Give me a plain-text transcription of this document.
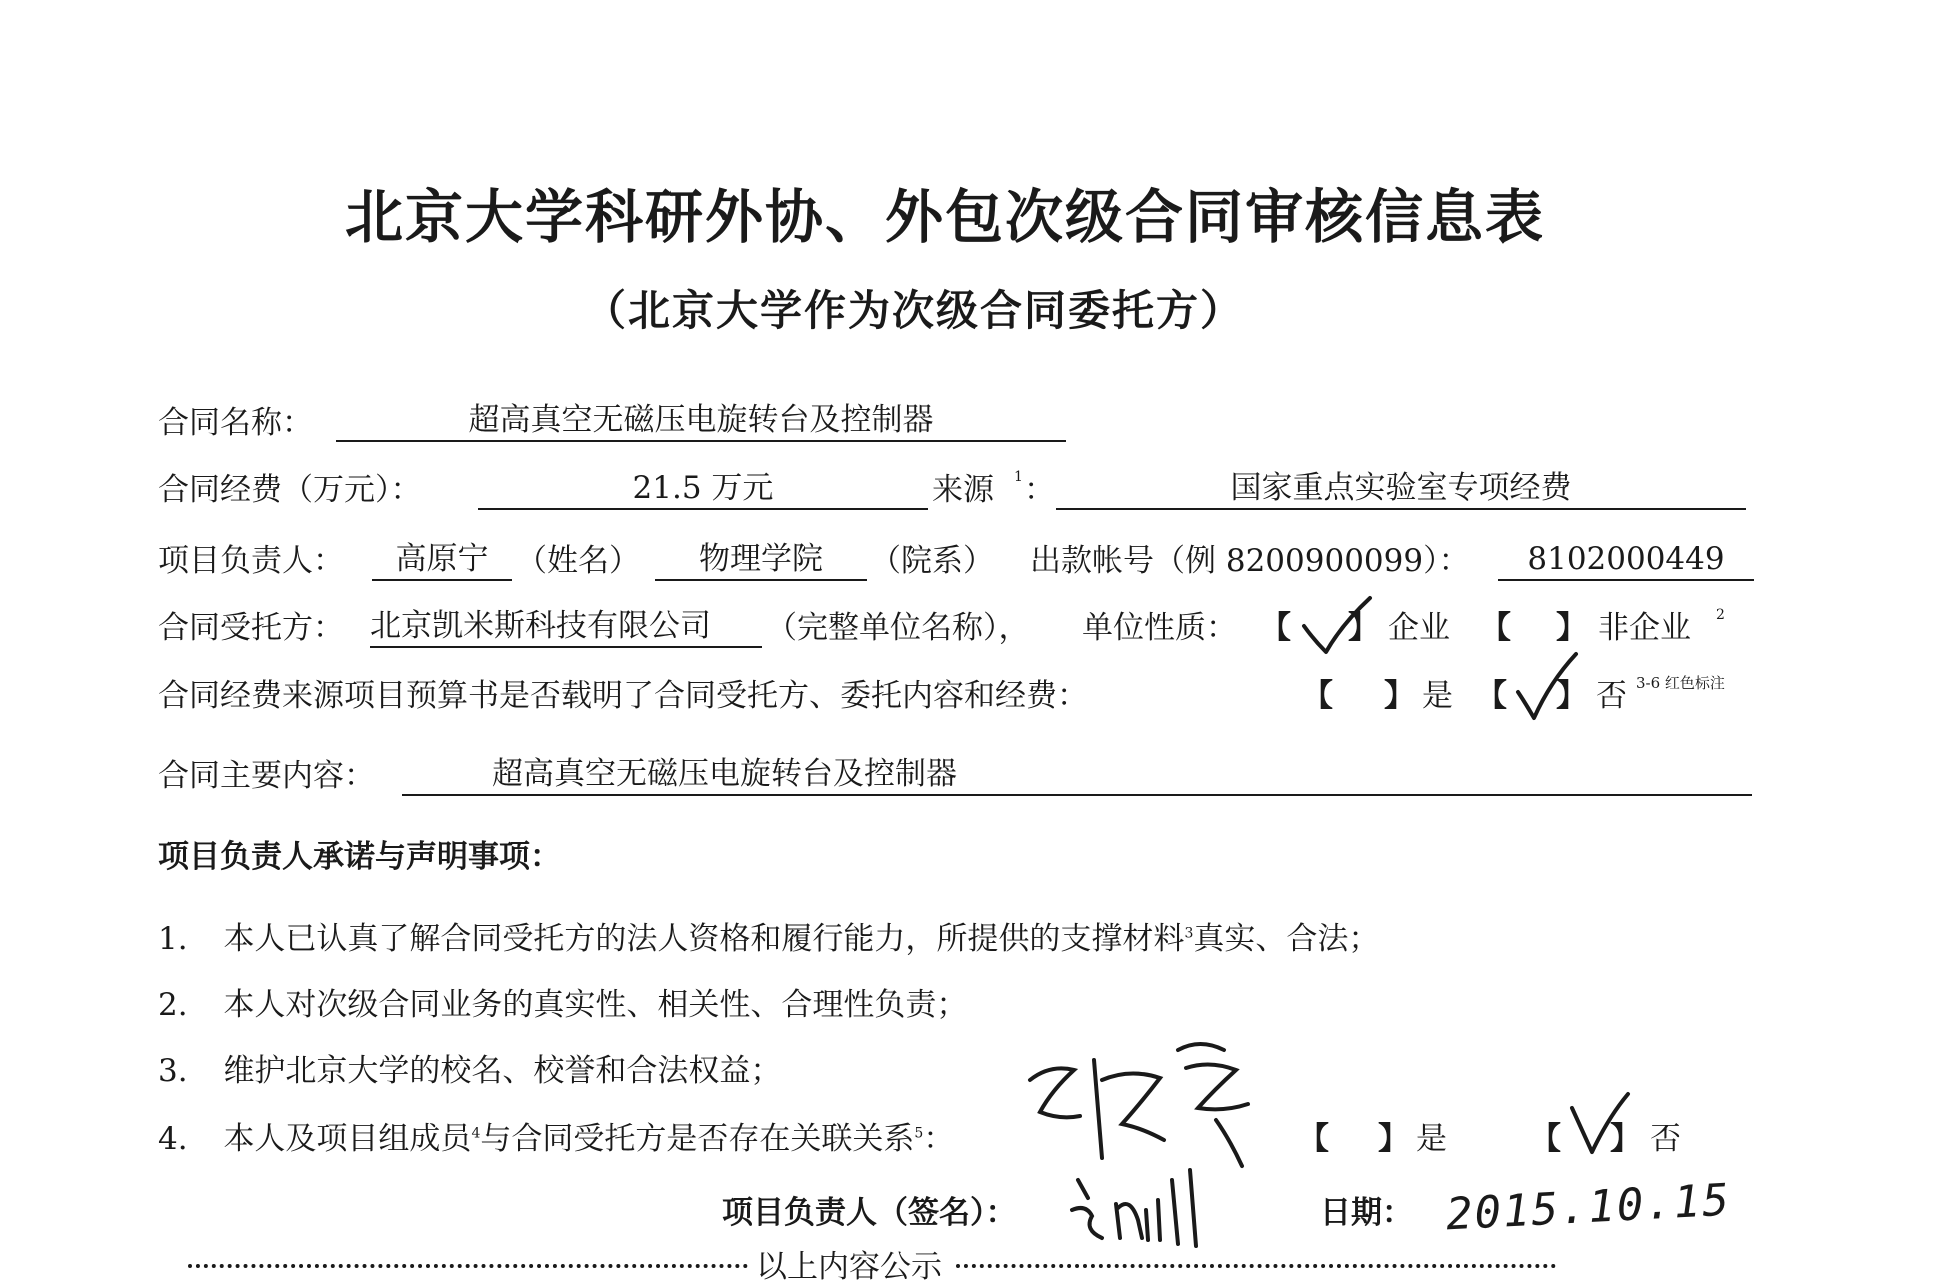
北京大学科研外协、外包次级合同审核信息表
（北京大学作为次级合同委托方）
合同名称：	超高真空无磁压电旋转台及控制器
合同经费（万元）：	21.5 万元	来源 1 ：	国家重点实验室专项经费
项目负责人：	高原宁 （姓名）	物理学院	（院系） 出款帐号（例 8200900099）：	8102000449
合同受托方： 北京凯米斯科技有限公司	（完整单位名称）， 单位性质： 【 】 企业 【 】 非企业 2
合同经费来源项目预算书是否载明了合同受托方、委托内容和经费：	【 】 是 【 】 否 3-6 红色标注
合同主要内容：	超高真空无磁压电旋转台及控制器
项目负责人承诺与声明事项：
1. 本人已认真了解合同受托方的法人资格和履行能力，所提供的支撑材料$^3$真实、合法；
2. 本人对次级合同业务的真实性、相关性、合理性负责；
3. 维护北京大学的校名、校誉和合法权益；
4. 本人及项目组成员$^4$与合同受托方是否存在关联关系$^5$：	【 】 是	【 】 否
项目负责人（签名）：	日期： 2015.10.15
以上内容公示
